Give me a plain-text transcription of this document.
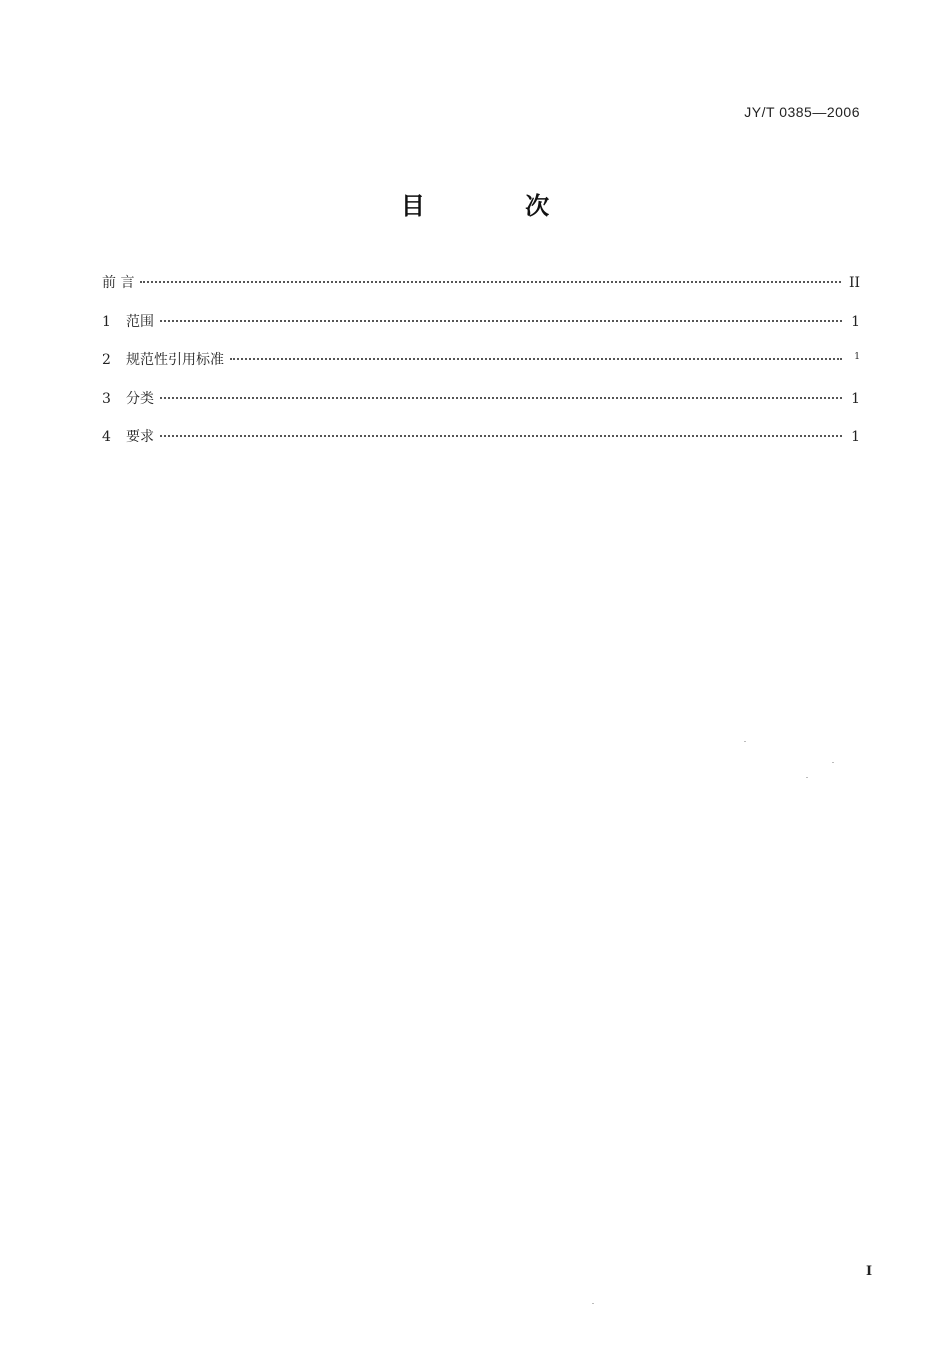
JY/T 0385—2006
目 次
前 言	II
1	范围	1
2	规范性引用标准	1
3	分类	1
4	要求	1
I
